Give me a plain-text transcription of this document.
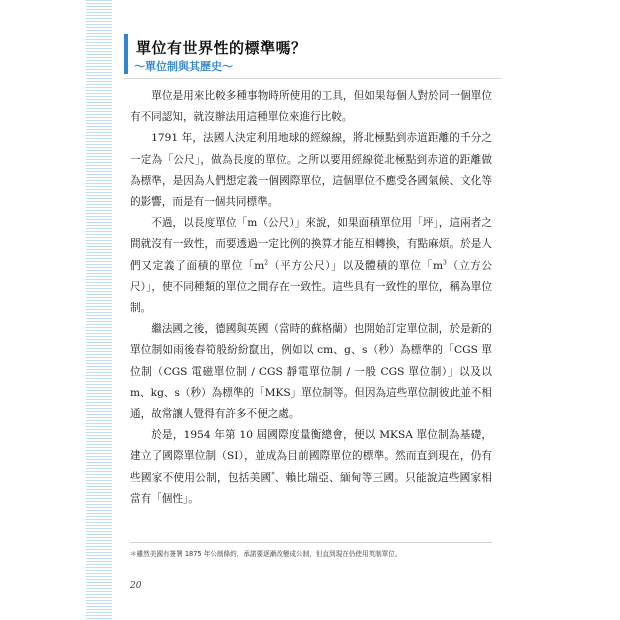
單位有世界性的標準嗎？
〜單位制與其歷史〜

單位是用來比較多種事物時所使用的工具，但如果每個人對於同一個單位有不同認知，就沒辦法用這種單位來進行比較。

1791 年，法國人決定利用地球的經線線，將北極點到赤道距離的千分之一定為「公尺」，做為長度的單位。之所以要用經線從北極點到赤道的距離做為標準，是因為人們想定義一個國際單位，這個單位不應受各國氣候、文化等的影響，而是有一個共同標準。

不過，以長度單位「m（公尺）」來說，如果面積單位用「坪」，這兩者之間就沒有一致性，而要透過一定比例的換算才能互相轉換，有點麻煩。於是人們又定義了面積的單位「$m^2$（平方公尺）」以及體積的單位「$m^3$（立方公尺）」，使不同種類的單位之間存在一致性。這些具有一致性的單位，稱為單位制。

繼法國之後，德國與英國（當時的蘇格蘭）也開始訂定單位制，於是新的單位制如雨後春筍般紛紛竄出，例如以 cm、g、s（秒）為標準的「CGS 單位制（CGS 電磁單位制 / CGS 靜電單位制 / 一般 CGS 單位制）」以及以 m、kg、s（秒）為標準的「MKS」單位制等。但因為這些單位制彼此並不相通，故常讓人覺得有許多不便之處。

於是，1954 年第 10 屆國際度量衡總會，便以 MKSA 單位制為基礎，建立了國際單位制（SI），並成為目前國際單位的標準。然而直到現在，仍有些國家不使用公制，包括美國*、賴比瑞亞、緬甸等三國。只能說這些國家相當有「個性」。

＊雖然美國有簽署 1875 年公制條約，承諾要逐漸改變成公制，但直到現在仍使用英制單位。
20
